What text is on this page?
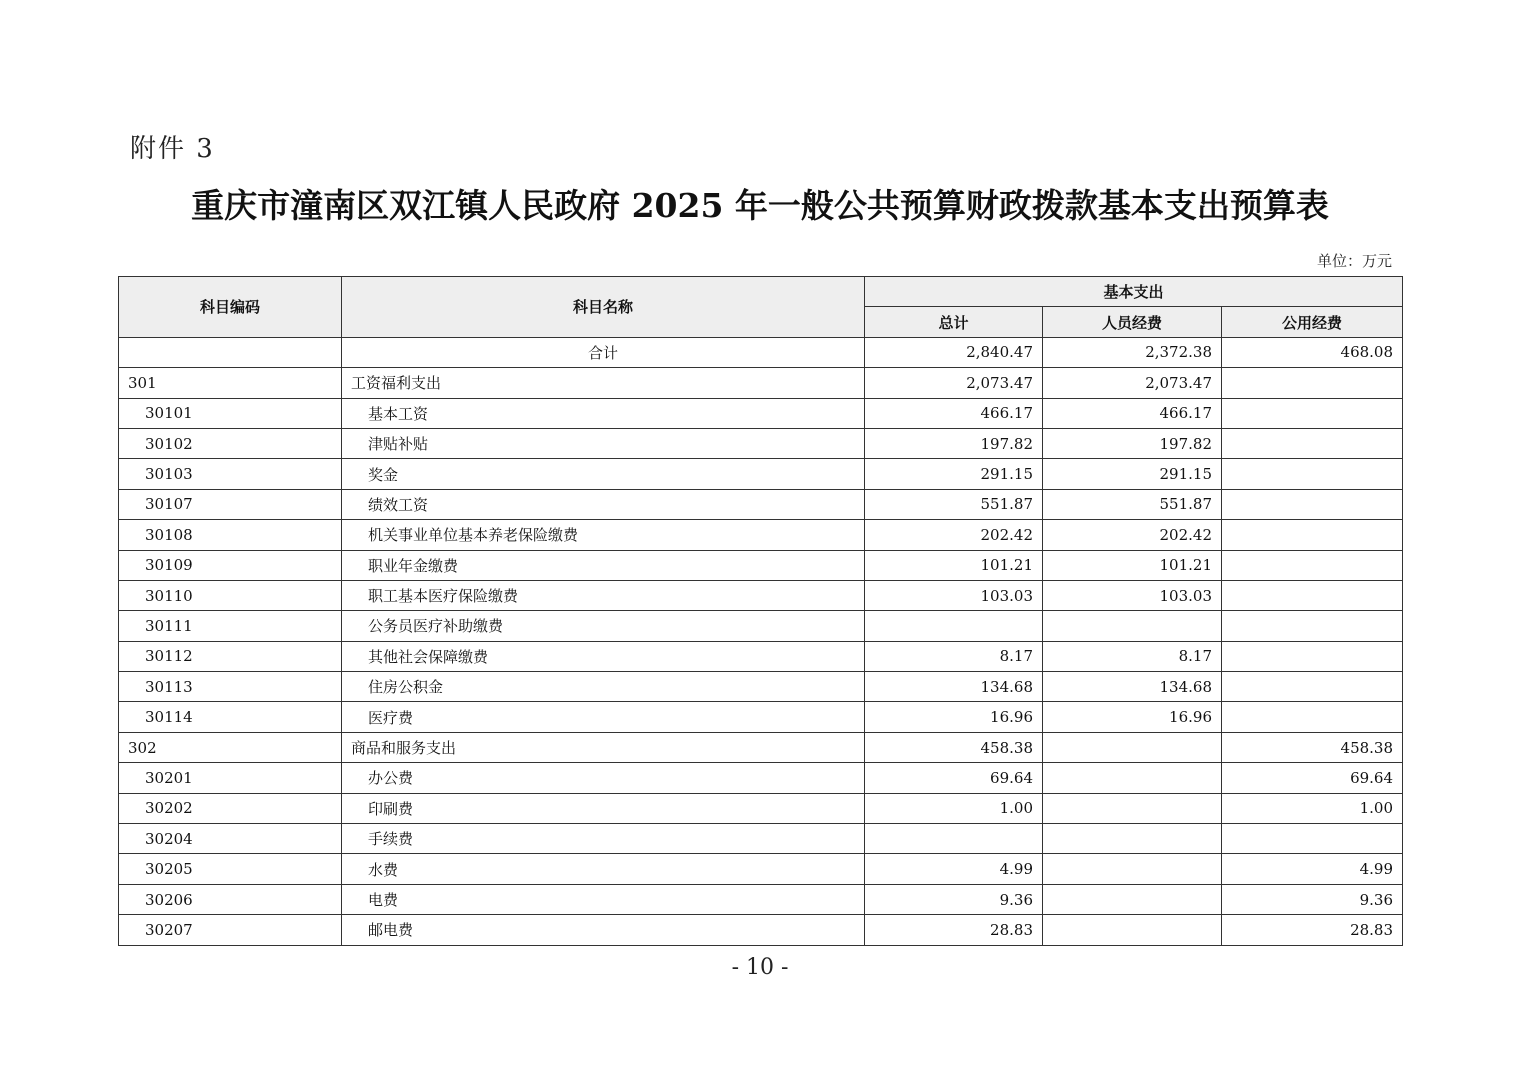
附件 3
重庆市潼南区双江镇人民政府 2025 年一般公共预算财政拨款基本支出预算表
单位：万元
科目编码	科目名称	基本支出		
		总计	人员经费	公用经费
	合计	2,840.47	2,372.38	468.08
301	工资福利支出	2,073.47	2,073.47	
30101	基本工资	466.17	466.17	
30102	津贴补贴	197.82	197.82	
30103	奖金	291.15	291.15	
30107	绩效工资	551.87	551.87	
30108	机关事业单位基本养老保险缴费	202.42	202.42	
30109	职业年金缴费	101.21	101.21	
30110	职工基本医疗保险缴费	103.03	103.03	
30111	公务员医疗补助缴费			
30112	其他社会保障缴费	8.17	8.17	
30113	住房公积金	134.68	134.68	
30114	医疗费	16.96	16.96	
302	商品和服务支出	458.38		458.38
30201	办公费	69.64		69.64
30202	印刷费	1.00		1.00
30204	手续费			
30205	水费	4.99		4.99
30206	电费	9.36		9.36
30207	邮电费	28.83		28.83
- 10 -
